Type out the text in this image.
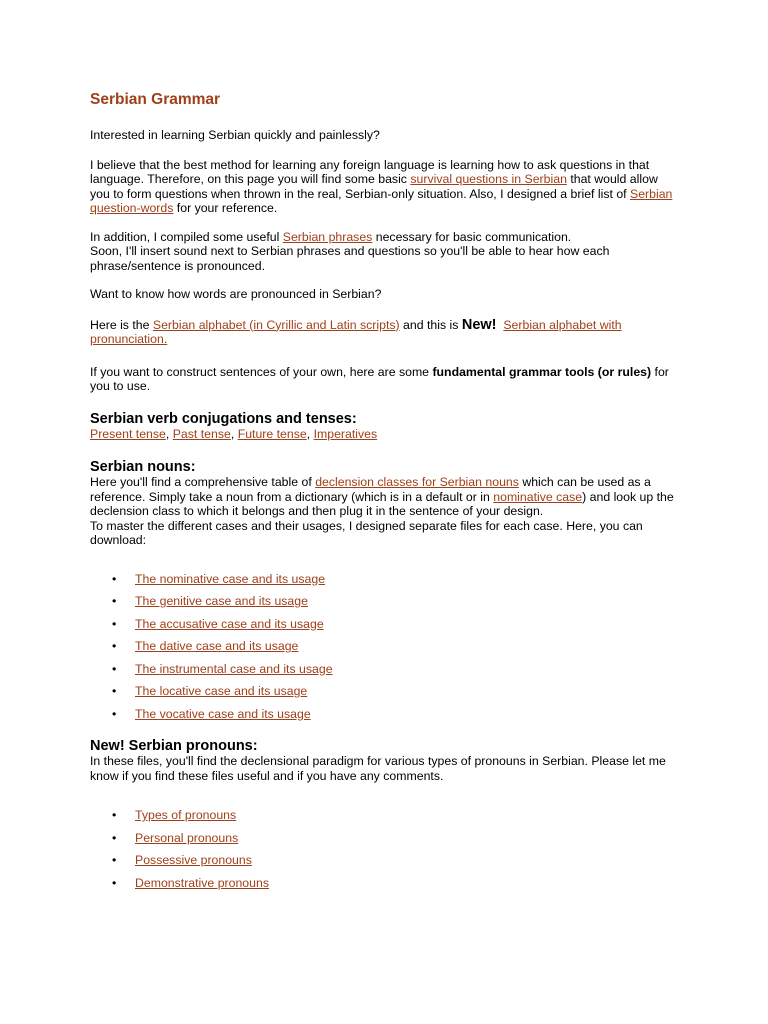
Serbian Grammar

Interested in learning Serbian quickly and painlessly?

I believe that the best method for learning any foreign language is learning how to ask questions in that language. Therefore, on this page you will find some basic survival questions in Serbian that would allow you to form questions when thrown in the real, Serbian-only situation. Also, I designed a brief list of Serbian question-words for your reference.

In addition, I compiled some useful Serbian phrases necessary for basic communication.
Soon, I'll insert sound next to Serbian phrases and questions so you'll be able to hear how each phrase/sentence is pronounced.

Want to know how words are pronounced in Serbian?

Here is the Serbian alphabet (in Cyrillic and Latin scripts) and this is New! Serbian alphabet with pronunciation.

If you want to construct sentences of your own, here are some fundamental grammar tools (or rules) for you to use.

Serbian verb conjugations and tenses:

Present tense, Past tense, Future tense, Imperatives

Serbian nouns:

Here you'll find a comprehensive table of declension classes for Serbian nouns which can be used as a reference. Simply take a noun from a dictionary (which is in a default or in nominative case) and look up the declension class to which it belongs and then plug it in the sentence of your design.
To master the different cases and their usages, I designed separate files for each case. Here, you can download:

• The nominative case and its usage
• The genitive case and its usage
• The accusative case and its usage
• The dative case and its usage
• The instrumental case and its usage
• The locative case and its usage
• The vocative case and its usage

New! Serbian pronouns:

In these files, you'll find the declensional paradigm for various types of pronouns in Serbian. Please let me know if you find these files useful and if you have any comments.

• Types of pronouns
• Personal pronouns
• Possessive pronouns
• Demonstrative pronouns
